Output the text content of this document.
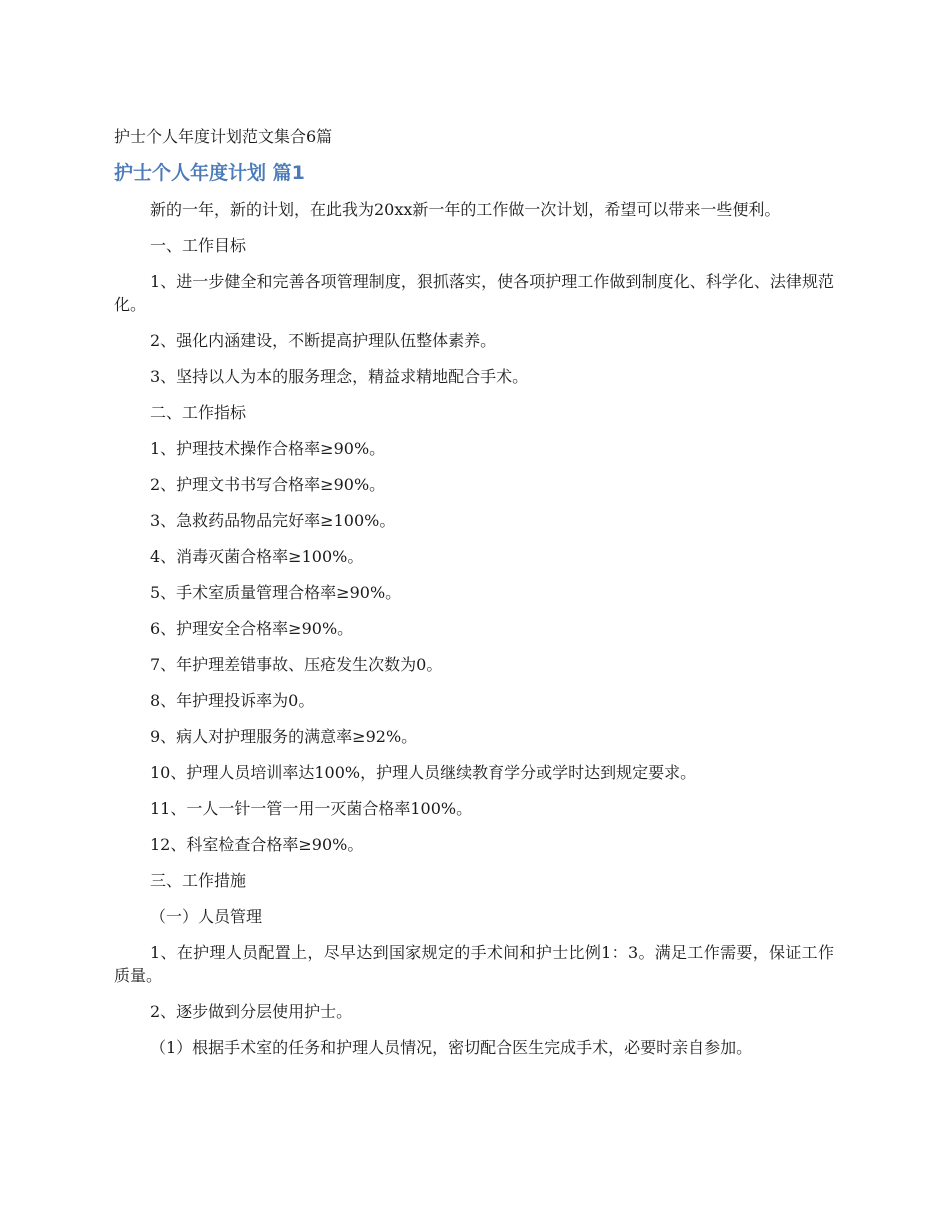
护士个人年度计划范文集合6篇
护士个人年度计划 篇1

新的一年，新的计划，在此我为20xx新一年的工作做一次计划，希望可以带来一些便利。

一、工作目标

1、进一步健全和完善各项管理制度，狠抓落实，使各项护理工作做到制度化、科学化、法律规范化。

2、强化内涵建设，不断提高护理队伍整体素养。

3、坚持以人为本的服务理念，精益求精地配合手术。

二、工作指标

1、护理技术操作合格率≥90%。

2、护理文书书写合格率≥90%。

3、急救药品物品完好率≥100%。

4、消毒灭菌合格率≥100%。

5、手术室质量管理合格率≥90%。

6、护理安全合格率≥90%。

7、年护理差错事故、压疮发生次数为0。

8、年护理投诉率为0。

9、病人对护理服务的满意率≥92%。

10、护理人员培训率达100%，护理人员继续教育学分或学时达到规定要求。

11、一人一针一管一用一灭菌合格率100%。

12、科室检查合格率≥90%。

三、工作措施

（一）人员管理

1、在护理人员配置上，尽早达到国家规定的手术间和护士比例1：3。满足工作需要，保证工作质量。

2、逐步做到分层使用护士。

（1）根据手术室的任务和护理人员情况，密切配合医生完成手术，必要时亲自参加。
